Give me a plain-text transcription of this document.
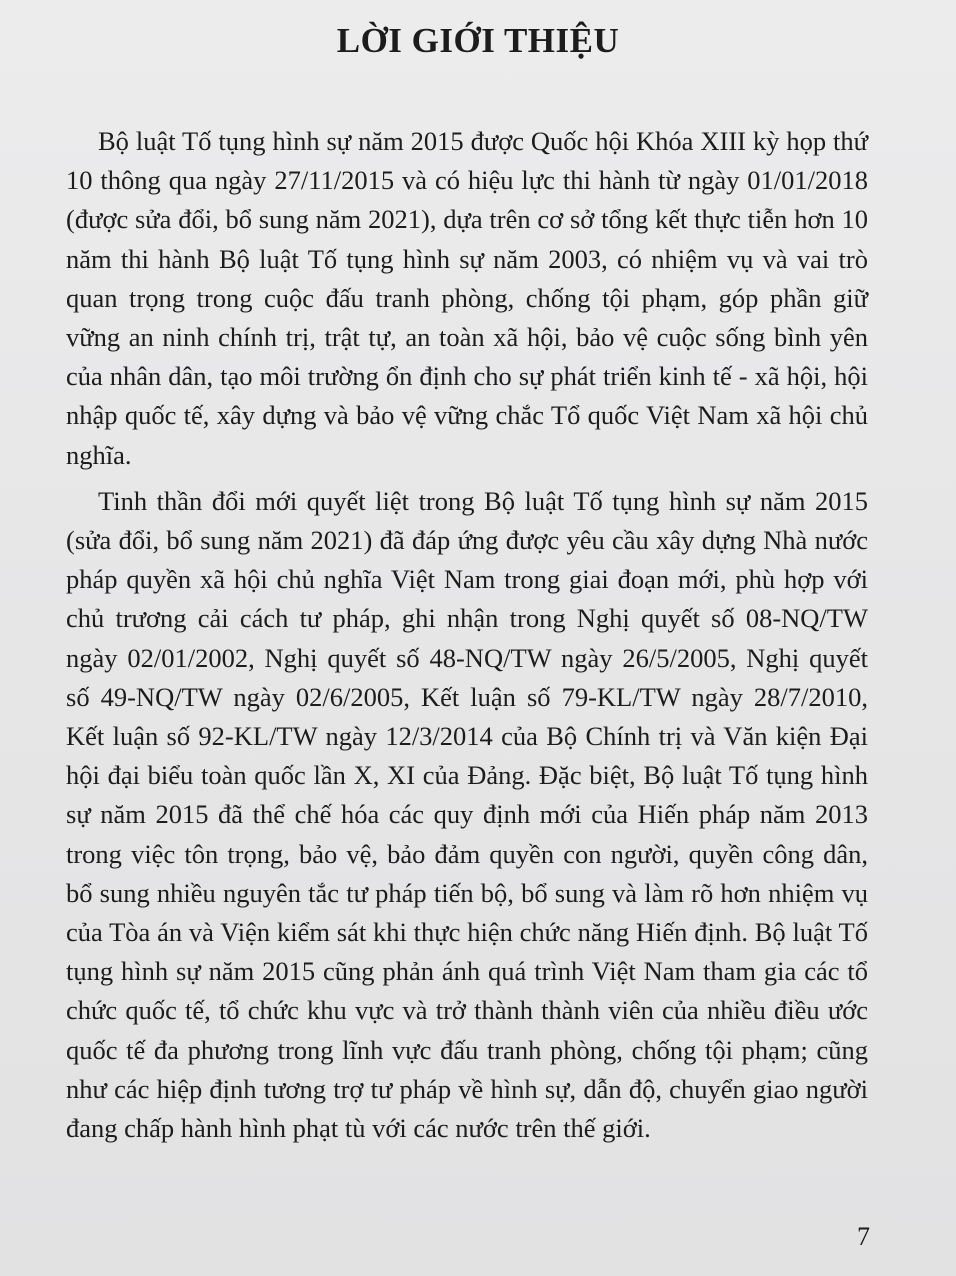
LỜI GIỚI THIỆU

Bộ luật Tố tụng hình sự năm 2015 được Quốc hội Khóa XIII kỳ họp thứ 10 thông qua ngày 27/11/2015 và có hiệu lực thi hành từ ngày 01/01/2018 (được sửa đổi, bổ sung năm 2021), dựa trên cơ sở tổng kết thực tiễn hơn 10 năm thi hành Bộ luật Tố tụng hình sự năm 2003, có nhiệm vụ và vai trò quan trọng trong cuộc đấu tranh phòng, chống tội phạm, góp phần giữ vững an ninh chính trị, trật tự, an toàn xã hội, bảo vệ cuộc sống bình yên của nhân dân, tạo môi trường ổn định cho sự phát triển kinh tế - xã hội, hội nhập quốc tế, xây dựng và bảo vệ vững chắc Tổ quốc Việt Nam xã hội chủ nghĩa.

Tinh thần đổi mới quyết liệt trong Bộ luật Tố tụng hình sự năm 2015 (sửa đổi, bổ sung năm 2021) đã đáp ứng được yêu cầu xây dựng Nhà nước pháp quyền xã hội chủ nghĩa Việt Nam trong giai đoạn mới, phù hợp với chủ trương cải cách tư pháp, ghi nhận trong Nghị quyết số 08-NQ/TW ngày 02/01/2002, Nghị quyết số 48-NQ/TW ngày 26/5/2005, Nghị quyết số 49-NQ/TW ngày 02/6/2005, Kết luận số 79-KL/TW ngày 28/7/2010, Kết luận số 92-KL/TW ngày 12/3/2014 của Bộ Chính trị và Văn kiện Đại hội đại biểu toàn quốc lần X, XI của Đảng. Đặc biệt, Bộ luật Tố tụng hình sự năm 2015 đã thể chế hóa các quy định mới của Hiến pháp năm 2013 trong việc tôn trọng, bảo vệ, bảo đảm quyền con người, quyền công dân, bổ sung nhiều nguyên tắc tư pháp tiến bộ, bổ sung và làm rõ hơn nhiệm vụ của Tòa án và Viện kiểm sát khi thực hiện chức năng Hiến định. Bộ luật Tố tụng hình sự năm 2015 cũng phản ánh quá trình Việt Nam tham gia các tổ chức quốc tế, tổ chức khu vực và trở thành thành viên của nhiều điều ước quốc tế đa phương trong lĩnh vực đấu tranh phòng, chống tội phạm; cũng như các hiệp định tương trợ tư pháp về hình sự, dẫn độ, chuyển giao người đang chấp hành hình phạt tù với các nước trên thế giới.

7
